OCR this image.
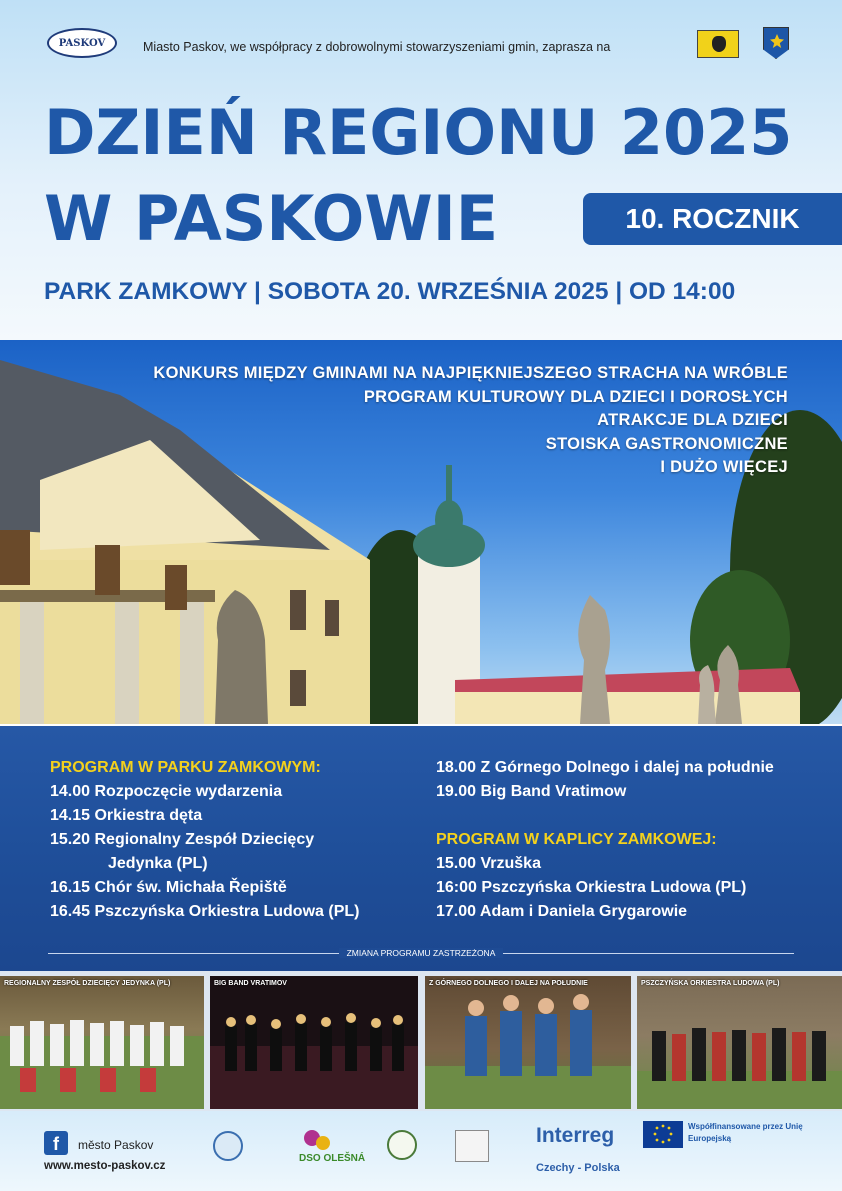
PASKOV	Miasto Paskov, we współpracy z dobrowolnymi stowarzyszeniami gmin, zaprasza na
DZIEŃ REGIONU 2025
W PASKOWIE	10. ROCZNIK
PARK ZAMKOWY | SOBOTA 20. WRZEŚNIA 2025 | OD 14:00
KONKURS MIĘDZY GMINAMI NA NAJPIĘKNIEJSZEGO STRACHA NA WRÓBLE
PROGRAM KULTUROWY DLA DZIECI I DOROSŁYCH
ATRAKCJE DLA DZIECI
STOISKA GASTRONOMICZNE
I DUŻO WIĘCEJ
PROGRAM W PARKU ZAMKOWYM:
14.00 Rozpoczęcie wydarzenia
14.15 Orkiestra dęta
15.20 Regionalny Zespół Dziecięcy
Jedynka (PL)
16.15 Chór św. Michała Řepiště
16.45 Pszczyńska Orkiestra Ludowa (PL)
18.00 Z Górnego Dolnego i dalej na południe
19.00 Big Band Vratimow
PROGRAM W KAPLICY ZAMKOWEJ:
15.00 Vrzuška
16:00 Pszczyńska Orkiestra Ludowa (PL)
17.00 Adam i Daniela Grygarowie
ZMIANA PROGRAMU ZASTRZEŻONA
REGIONALNY ZESPÓŁ DZIECIĘCY JEDYNKA (PL)	BIG BAND VRATIMOV	Z GÓRNEGO DOLNEGO I DALEJ NA POŁUDNIE	PSZCZYŃSKA ORKIESTRA LUDOWA (PL)
f	město Paskov
www.mesto-paskov.cz
DSO OLEŠNÁ
Interreg
Czechy - Polska
Współfinansowane przez Unię Europejską
